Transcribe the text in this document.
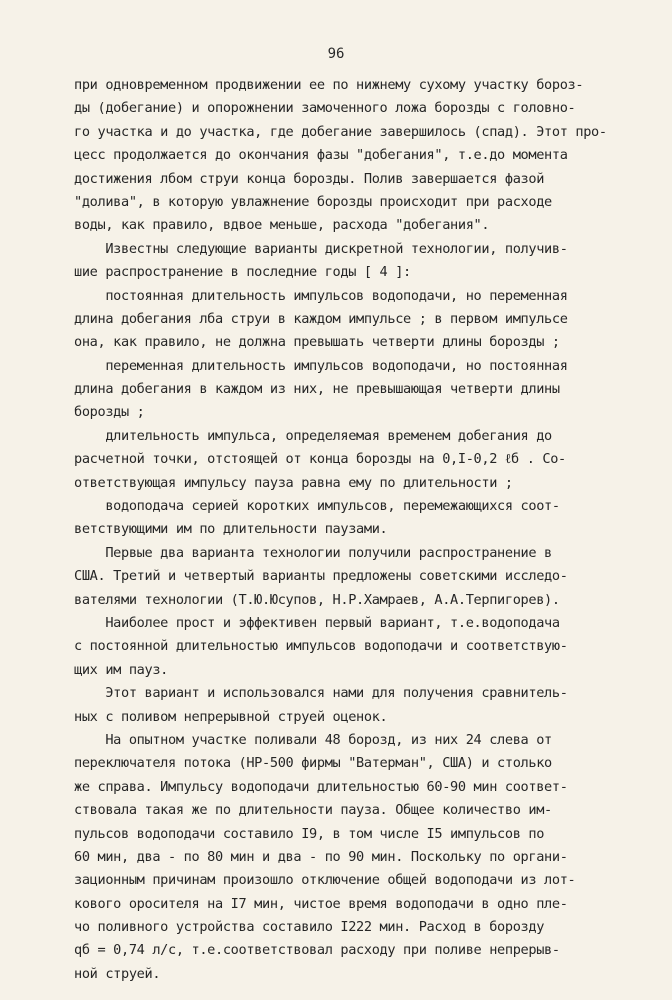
96
при одновременном продвижении ее по нижнему сухому участку бороз-
ды (добегание) и опорожнении замоченного ложа борозды с головно-
го участка и до участка, где добегание завершилось (спад). Этот про-
цесс продолжается до окончания фазы "добегания", т.е.до момента
достижения лбом струи конца борозды. Полив завершается фазой
"долива", в которую увлажнение борозды происходит при расходе
воды, как правило, вдвое меньше, расхода "добегания".
Известны следующие варианты дискретной технологии, получив-
шие распространение в последние годы [ 4 ]:
постоянная длительность импульсов водоподачи, но переменная
длина добегания лба струи в каждом импульсе ; в первом импульсе
она, как правило, не должна превышать четверти длины борозды ;
переменная длительность импульсов водоподачи, но постоянная
длина добегания в каждом из них, не превышающая четверти длины
борозды ;
длительность импульса, определяемая временем добегания до
расчетной точки, отстоящей от конца борозды на 0,I-0,2 ℓб . Со-
ответствующая импульсу пауза равна ему по длительности ;
водоподача серией коротких импульсов, перемежающихся соот-
ветствующими им по длительности паузами.
Первые два варианта технологии получили распространение в
США. Третий и четвертый варианты предложены советскими исследо-
вателями технологии (Т.Ю.Юсупов, Н.Р.Хамраев, А.А.Терпигорев).
Наиболее прост и эффективен первый вариант, т.е.водоподача
с постоянной длительностью импульсов водоподачи и соответствую-
щих им пауз.
Этот вариант и использовался нами для получения сравнитель-
ных с поливом непрерывной струей оценок.
На опытном участке поливали 48 борозд, из них 24 слева от
переключателя потока (НР-500 фирмы "Ватерман", США) и столько
же справа. Импульсу водоподачи длительностью 60-90 мин соответ-
ствовала такая же по длительности пауза. Общее количество им-
пульсов водоподачи составило I9, в том числе I5 импульсов по
60 мин, два - по 80 мин и два - по 90 мин. Поскольку по органи-
зационным причинам произошло отключение общей водоподачи из лот-
кового оросителя на I7 мин, чистое время водоподачи в одно пле-
чо поливного устройства составило I222 мин. Расход в борозду
qб = 0,74 л/с, т.е.соответствовал расходу при поливе непрерыв-
ной струей.
